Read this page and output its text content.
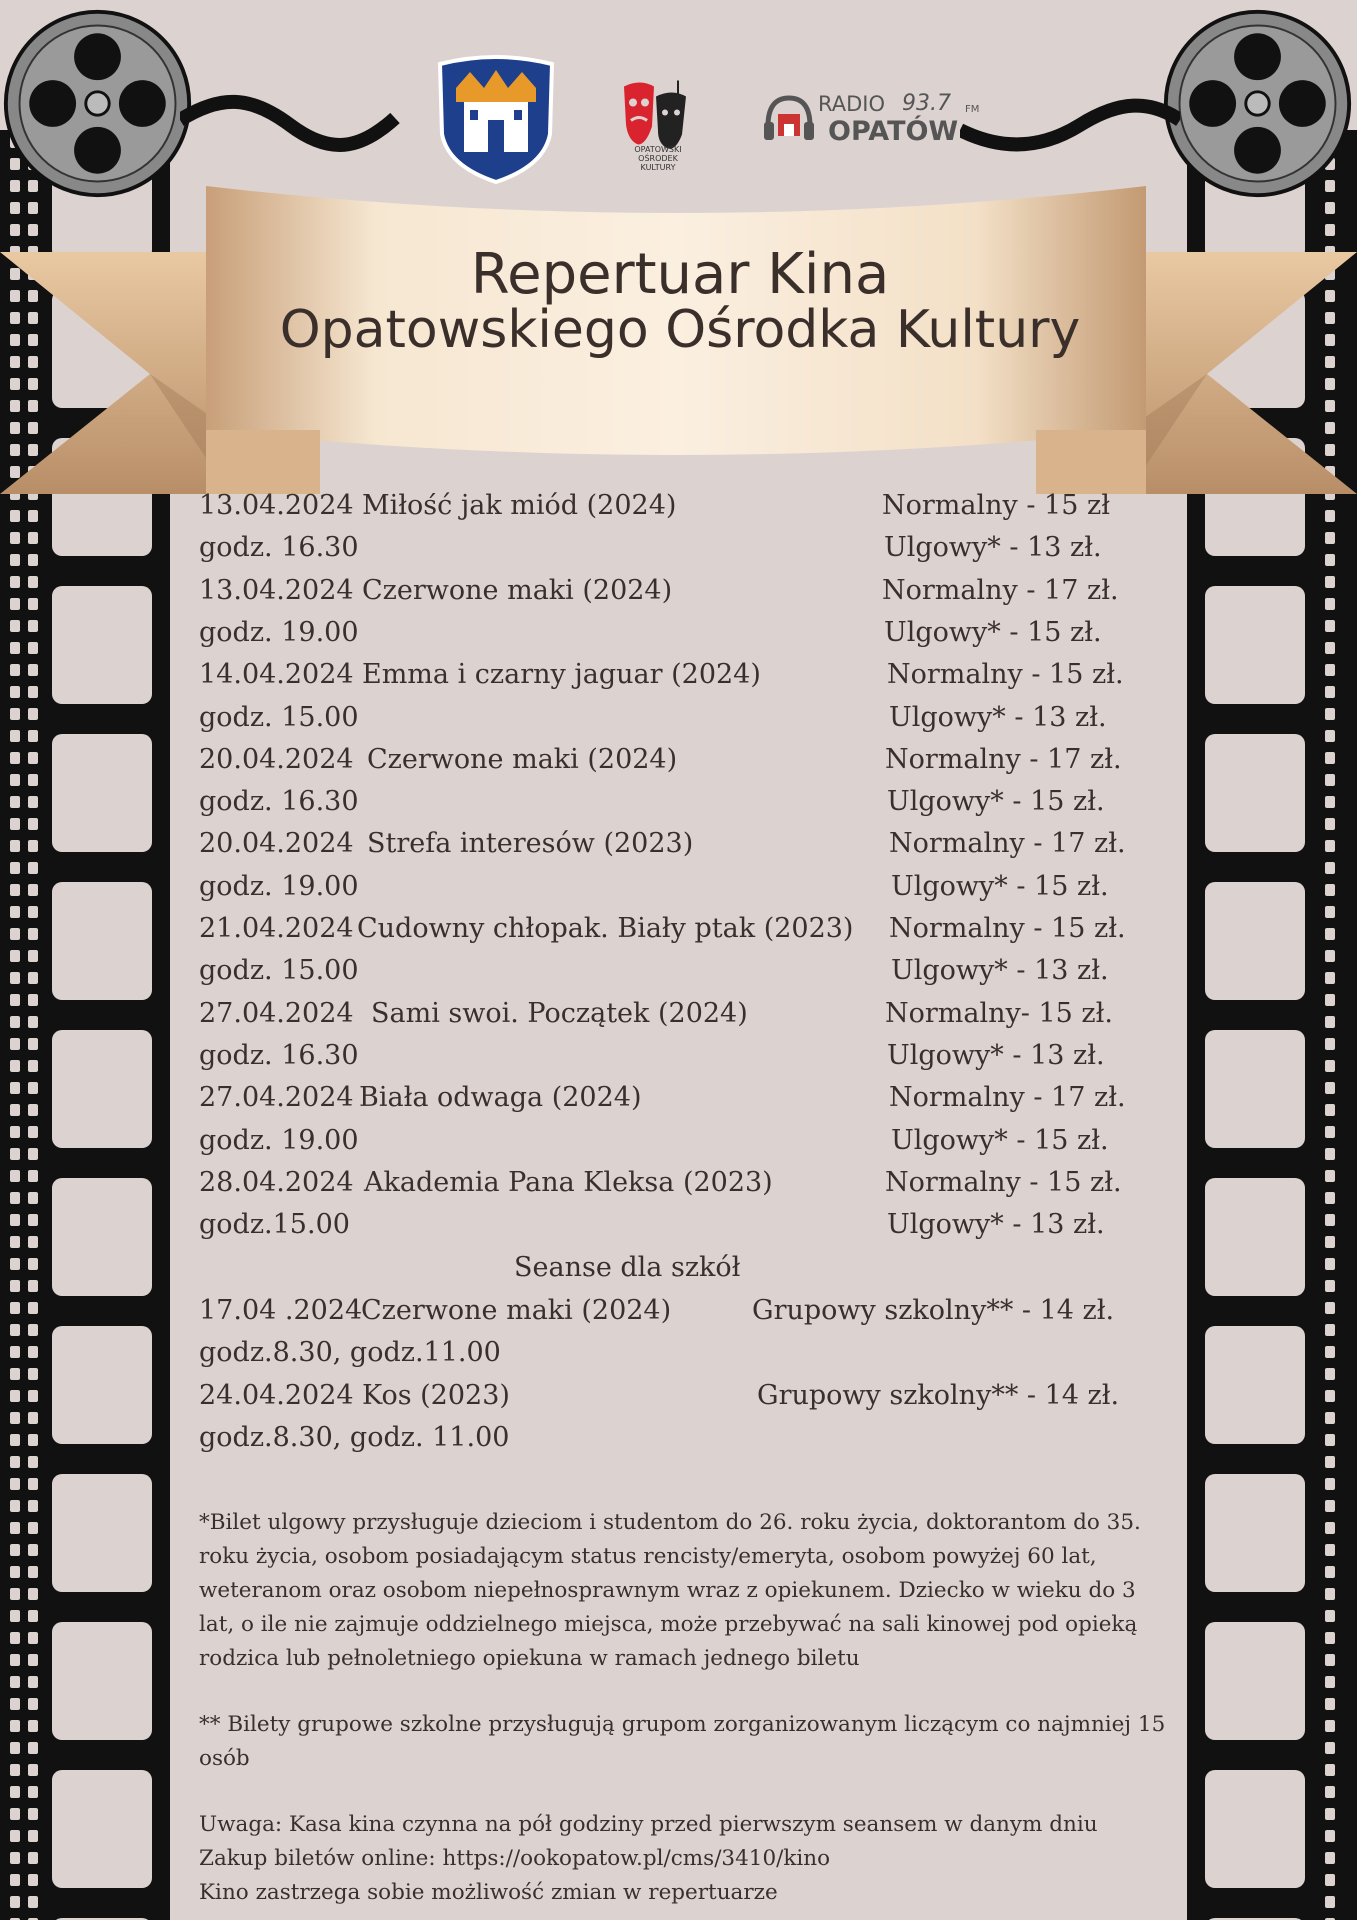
OPATOWSKI
OŚRODEK
KULTURY
RADIO 93.7 FM
OPATÓW
Repertuar Kina
Opatowskiego Ośrodka Kultury
13.04.2024 Miłość jak miód (2024)	Normalny - 15 zł
godz. 16.30	Ulgowy* - 13 zł.
13.04.2024 Czerwone maki (2024)	Normalny - 17 zł.
godz. 19.00	Ulgowy* - 15 zł.
14.04.2024 Emma i czarny jaguar (2024)	Normalny - 15 zł.
godz. 15.00	Ulgowy* - 13 zł.
20.04.2024 Czerwone maki (2024)	Normalny - 17 zł.
godz. 16.30	Ulgowy* - 15 zł.
20.04.2024 Strefa interesów (2023)	Normalny - 17 zł.
godz. 19.00	Ulgowy* - 15 zł.
21.04.2024 Cudowny chłopak. Biały ptak (2023) Normalny - 15 zł.
godz. 15.00	Ulgowy* - 13 zł.
27.04.2024 Sami swoi. Początek (2024)	Normalny- 15 zł.
godz. 16.30	Ulgowy* - 13 zł.
27.04.2024 Biała odwaga (2024)	Normalny - 17 zł.
godz. 19.00	Ulgowy* - 15 zł.
28.04.2024 Akademia Pana Kleksa (2023)	Normalny - 15 zł.
godz.15.00	Ulgowy* - 13 zł.
Seanse dla szkół
17.04 .2024
Czerwone maki (2024)	Grupowy szkolny** - 14 zł.
godz.8.30, godz.11.00
24.04.2024 Kos (2023)	Grupowy szkolny** - 14 zł.
godz.8.30, godz. 11.00
*Bilet ulgowy przysługuje dzieciom i studentom do 26. roku życia, doktorantom do 35. roku życia, osobom posiadającym status rencisty/emeryta, osobom powyżej 60 lat, weteranom oraz osobom niepełnosprawnym wraz z opiekunem. Dziecko w wieku do 3 lat, o ile nie zajmuje oddzielnego miejsca, może przebywać na sali kinowej pod opieką rodzica lub pełnoletniego opiekuna w ramach jednego biletu
** Bilety grupowe szkolne przysługują grupom zorganizowanym liczącym co najmniej 15 osób
Uwaga: Kasa kina czynna na pół godziny przed pierwszym seansem w danym dniu
Zakup biletów online: https://ookopatow.pl/cms/3410/kino
Kino zastrzega sobie możliwość zmian w repertuarze
